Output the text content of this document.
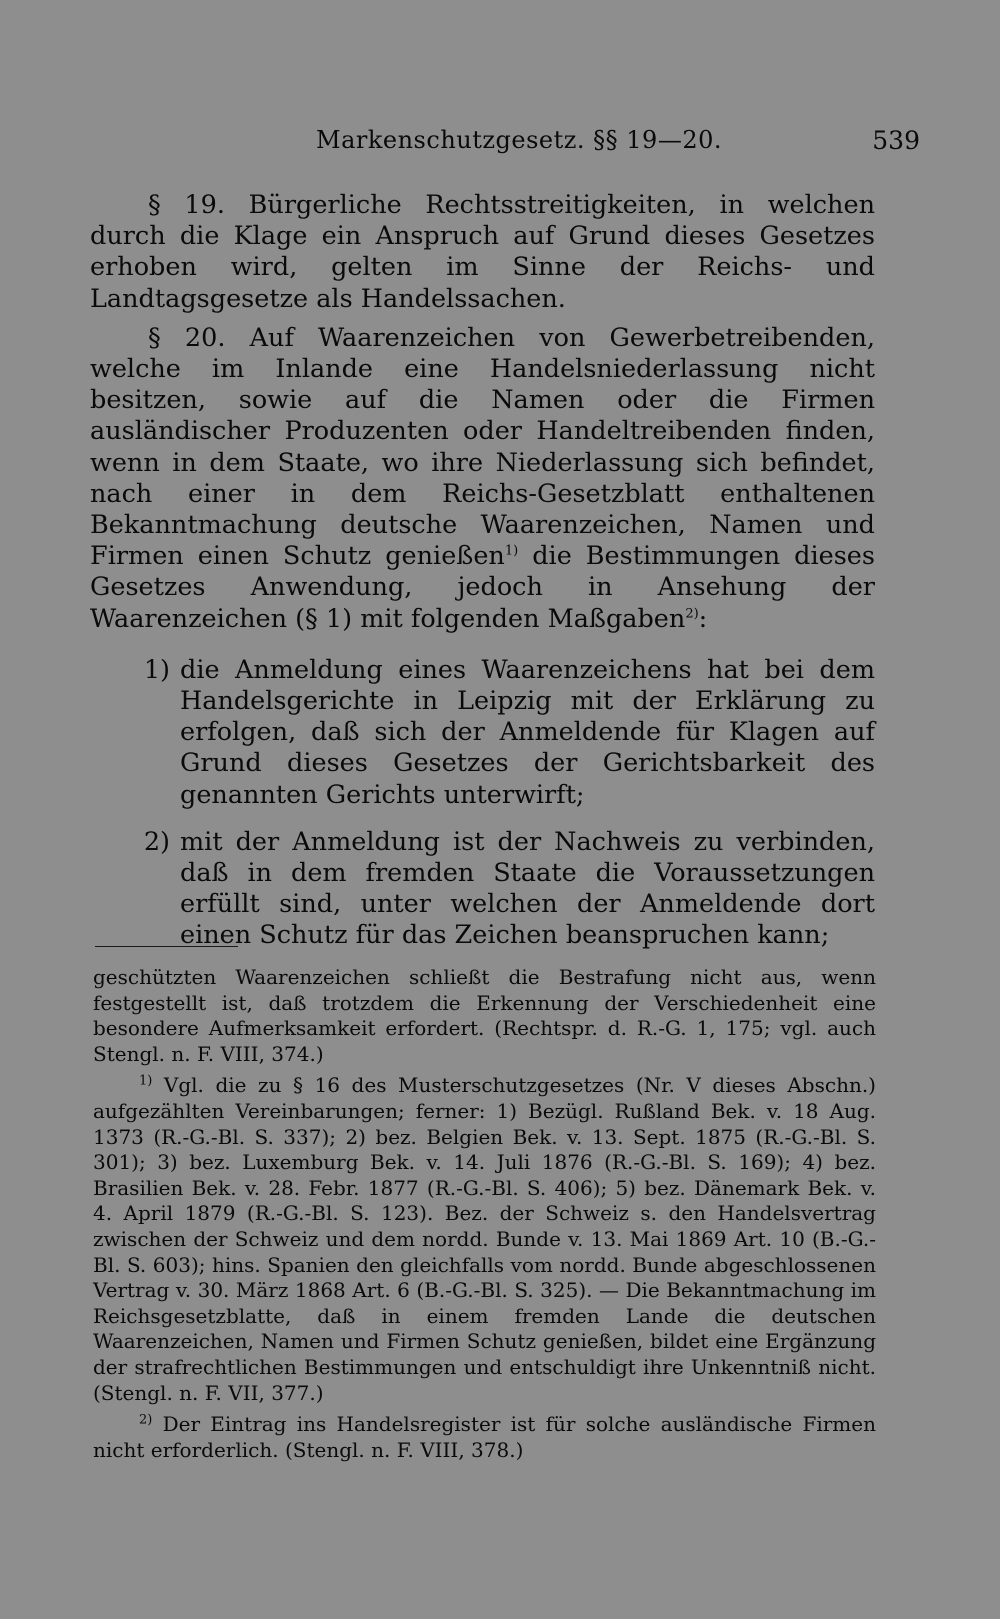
Markenschutzgesetz. §§ 19—20.	539

§ 19. Bürgerliche Rechtsstreitigkeiten, in welchen durch die Klage ein Anspruch auf Grund dieses Gesetzes erhoben wird, gelten im Sinne der Reichs- und Landtagsgesetze als Handelssachen.

§ 20. Auf Waarenzeichen von Gewerbetreibenden, welche im Inlande eine Handelsniederlassung nicht besitzen, sowie auf die Namen oder die Firmen ausländischer Produzenten oder Handeltreibenden finden, wenn in dem Staate, wo ihre Niederlassung sich befindet, nach einer in dem Reichs-Gesetzblatt enthaltenen Bekanntmachung deutsche Waarenzeichen, Namen und Firmen einen Schutz genießen$^{1)}$ die Bestimmungen dieses Gesetzes Anwendung, jedoch in Ansehung der Waarenzeichen (§ 1) mit folgenden Maßgaben$^{2)}$:

1) die Anmeldung eines Waarenzeichens hat bei dem Handelsgerichte in Leipzig mit der Erklärung zu erfolgen, daß sich der Anmeldende für Klagen auf Grund dieses Gesetzes der Gerichtsbarkeit des genannten Gerichts unterwirft;
2) mit der Anmeldung ist der Nachweis zu verbinden, daß in dem fremden Staate die Voraussetzungen erfüllt sind, unter welchen der Anmeldende dort einen Schutz für das Zeichen beanspruchen kann;

geschützten Waarenzeichen schließt die Bestrafung nicht aus, wenn festgestellt ist, daß trotzdem die Erkennung der Verschiedenheit eine besondere Aufmerksamkeit erfordert. (Rechtspr. d. R.-G. 1, 175; vgl. auch Stengl. n. F. VIII, 374.)

$^{1)}$ Vgl. die zu § 16 des Musterschutzgesetzes (Nr. V dieses Abschn.) aufgezählten Vereinbarungen; ferner: 1) Bezügl. Rußland Bek. v. 18 Aug. 1373 (R.-G.-Bl. S. 337); 2) bez. Belgien Bek. v. 13. Sept. 1875 (R.-G.-Bl. S. 301); 3) bez. Luxemburg Bek. v. 14. Juli 1876 (R.-G.-Bl. S. 169); 4) bez. Brasilien Bek. v. 28. Febr. 1877 (R.-G.-Bl. S. 406); 5) bez. Dänemark Bek. v. 4. April 1879 (R.-G.-Bl. S. 123). Bez. der Schweiz s. den Handelsvertrag zwischen der Schweiz und dem nordd. Bunde v. 13. Mai 1869 Art. 10 (B.-G.-Bl. S. 603); hins. Spanien den gleichfalls vom nordd. Bunde abgeschlossenen Vertrag v. 30. März 1868 Art. 6 (B.-G.-Bl. S. 325). — Die Bekanntmachung im Reichsgesetzblatte, daß in einem fremden Lande die deutschen Waarenzeichen, Namen und Firmen Schutz genießen, bildet eine Ergänzung der strafrechtlichen Bestimmungen und entschuldigt ihre Unkenntniß nicht. (Stengl. n. F. VII, 377.)

$^{2)}$ Der Eintrag ins Handelsregister ist für solche ausländische Firmen nicht erforderlich. (Stengl. n. F. VIII, 378.)
